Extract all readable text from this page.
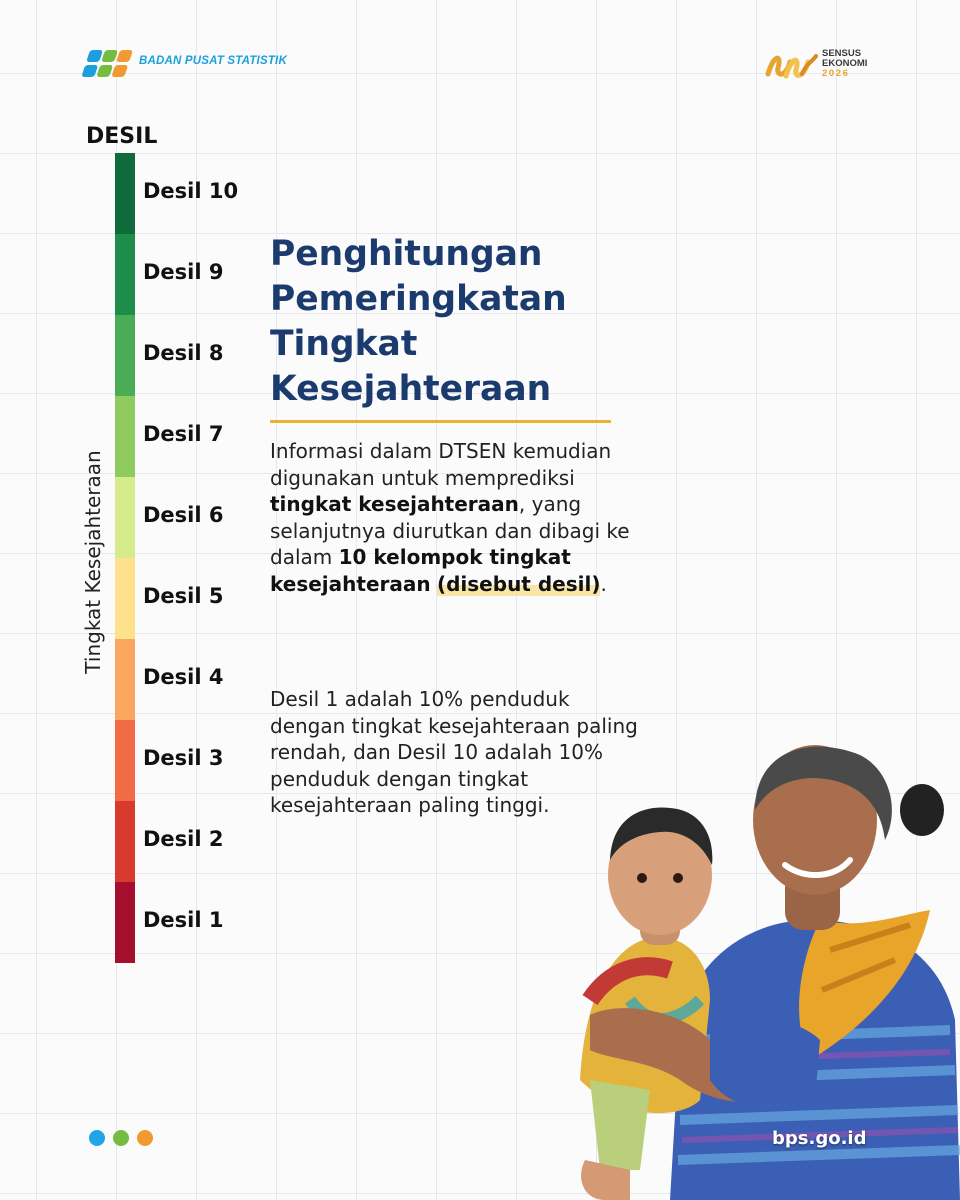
BADAN PUSAT STATISTIK
SENSUS
EKONOMI
2026
DESIL
Desil 10
Desil 9
Desil 8
Desil 7
Desil 6
Desil 5
Desil 4
Desil 3
Desil 2
Desil 1
Tingkat Kesejahteraan
Penghitungan Pemeringkatan Tingkat Kesejahteraan

Informasi dalam DTSEN kemudian digunakan untuk memprediksi tingkat kesejahteraan, yang selanjutnya diurutkan dan dibagi ke dalam 10 kelompok tingkat kesejahteraan (disebut desil).

Desil 1 adalah 10% penduduk dengan tingkat kesejahteraan paling rendah, dan Desil 10 adalah 10% penduduk dengan tingkat kesejahteraan paling tinggi.

bps.go.id
